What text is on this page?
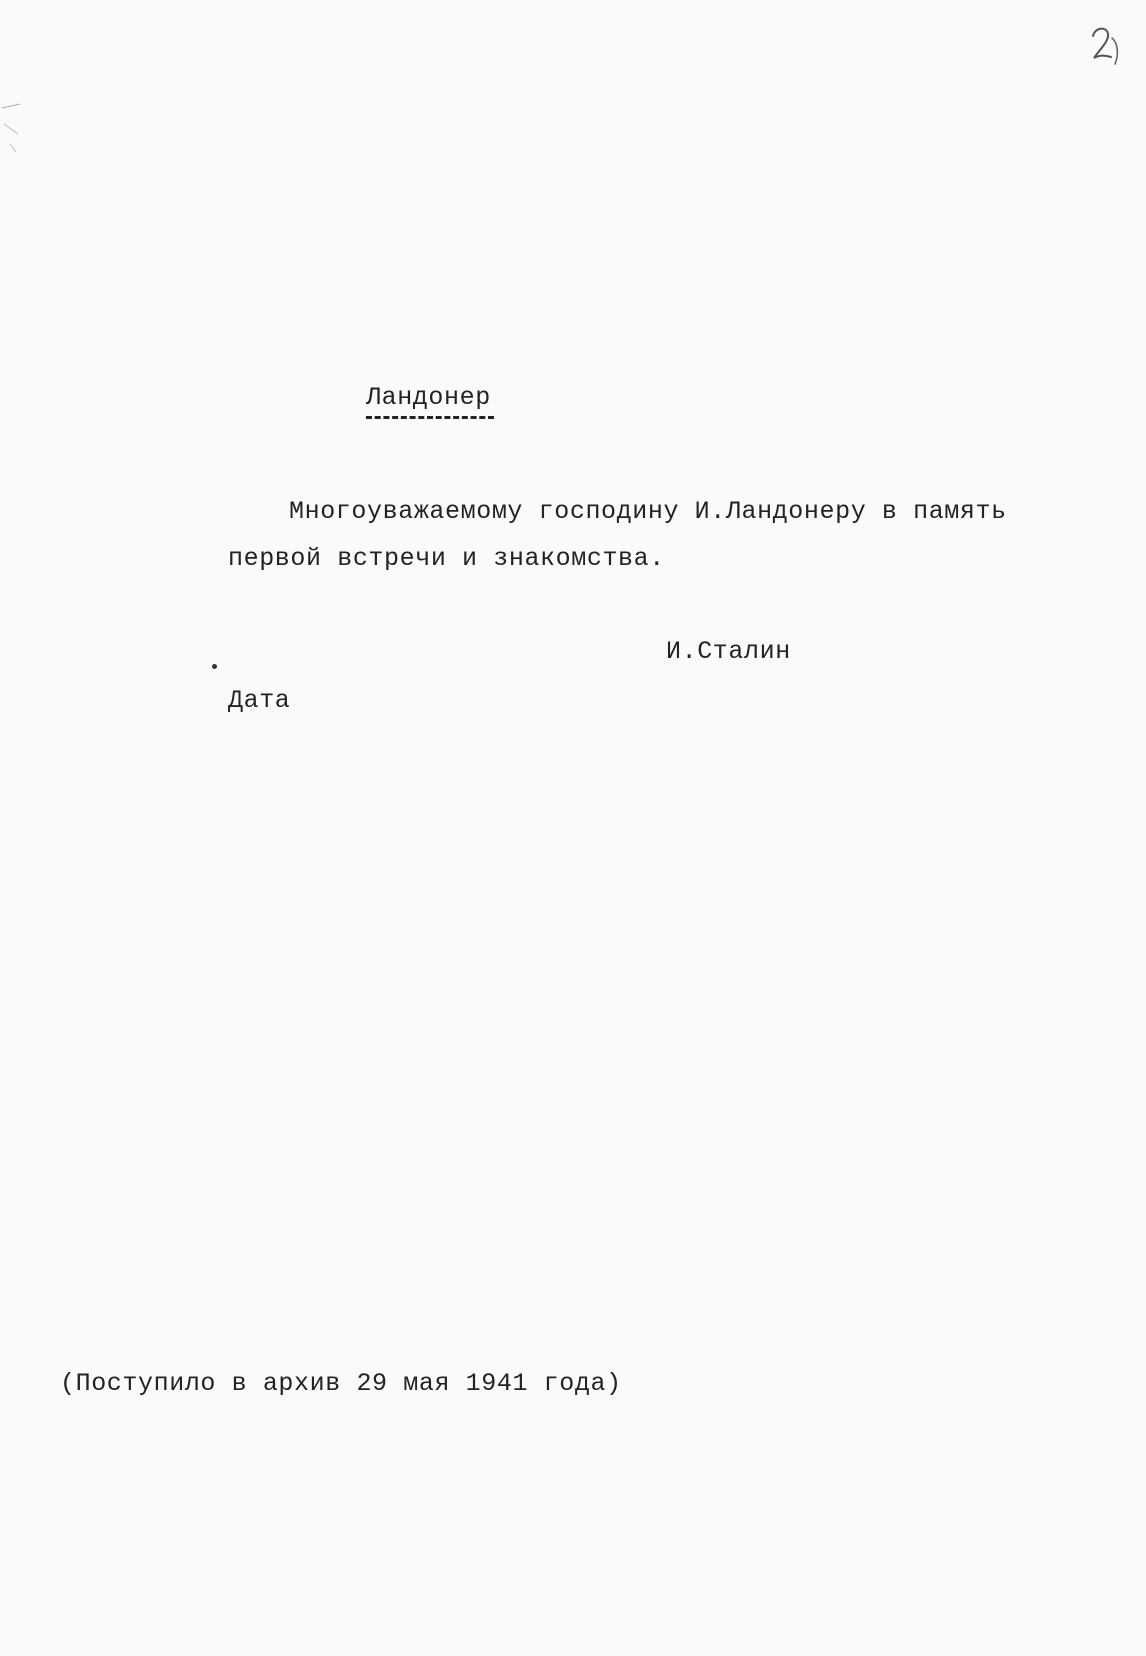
Ландонер
Многоуважаемому господину И.Ландонеру в память
первой встречи и знакомства.
И.Сталин
Дата
(Поступило в архив 29 мая 1941 года)
